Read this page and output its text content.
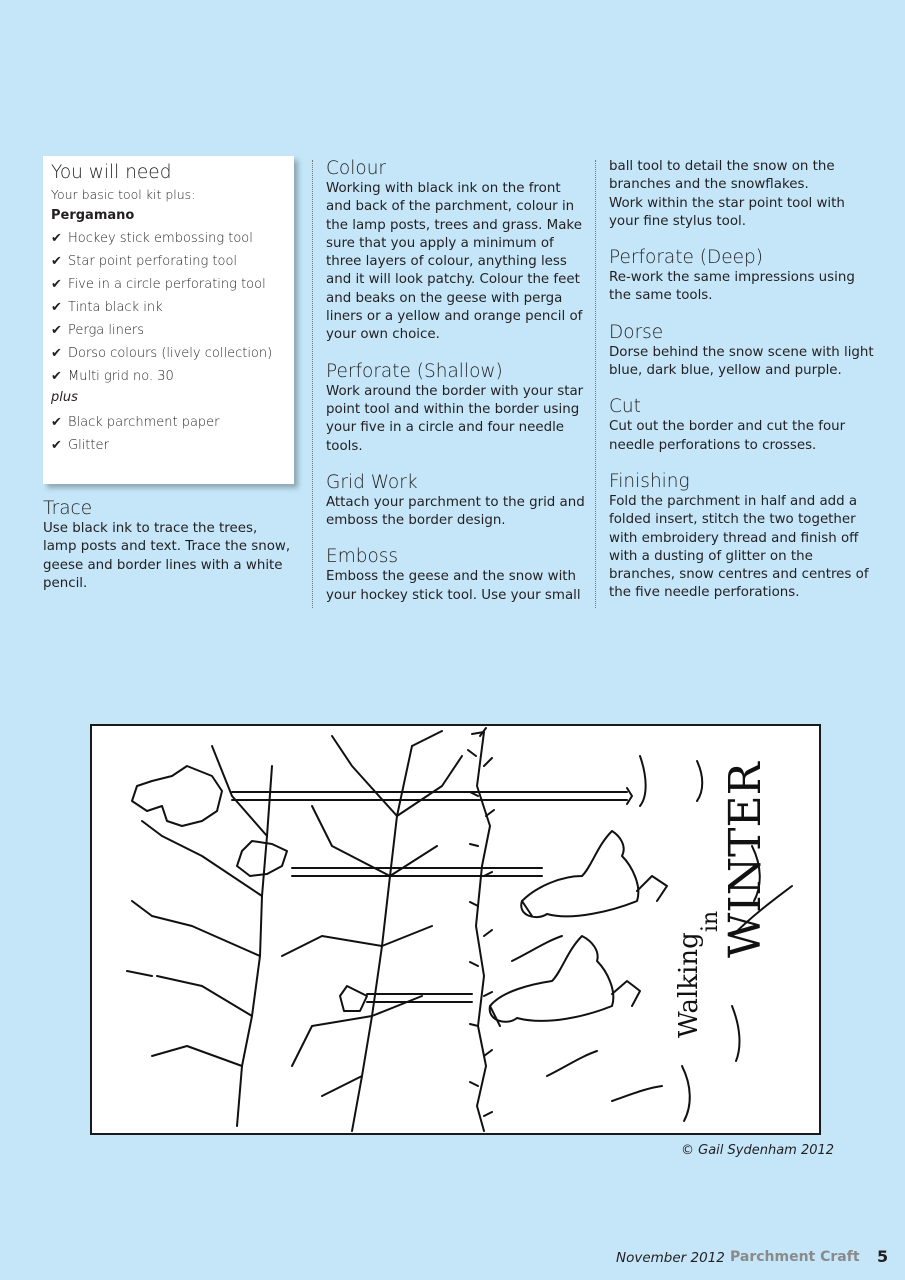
You will need
Your basic tool kit plus:
Pergamano
✔ Hockey stick embossing tool
✔ Star point perforating tool
✔ Five in a circle perforating tool
✔ Tinta black ink
✔ Perga liners
✔ Dorso colours (lively collection)
✔ Multi grid no. 30
plus
✔ Black parchment paper
✔ Glitter
Trace
Use black ink to trace the trees, lamp posts and text. Trace the snow, geese and border lines with a white pencil.
Colour
Working with black ink on the front and back of the parchment, colour in the lamp posts, trees and grass. Make sure that you apply a minimum of three layers of colour, anything less and it will look patchy. Colour the feet and beaks on the geese with perga liners or a yellow and orange pencil of your own choice.
Perforate (Shallow)
Work around the border with your star point tool and within the border using your five in a circle and four needle tools.
Grid Work
Attach your parchment to the grid and emboss the border design.
Emboss
Emboss the geese and the snow with your hockey stick tool. Use your small
ball tool to detail the snow on the branches and the snowflakes.
Work within the star point tool with your fine stylus tool.
Perforate (Deep)
Re-work the same impressions using the same tools.
Dorse
Dorse behind the snow scene with light blue, dark blue, yellow and purple.
Cut
Cut out the border and cut the four needle perforations to crosses.
Finishing
Fold the parchment in half and add a folded insert, stitch the two together with embroidery thread and finish off with a dusting of glitter on the branches, snow centres and centres of the five needle perforations.
Walking
in
WINTER
© Gail Sydenham 2012
November 2012 Parchment Craft 5
